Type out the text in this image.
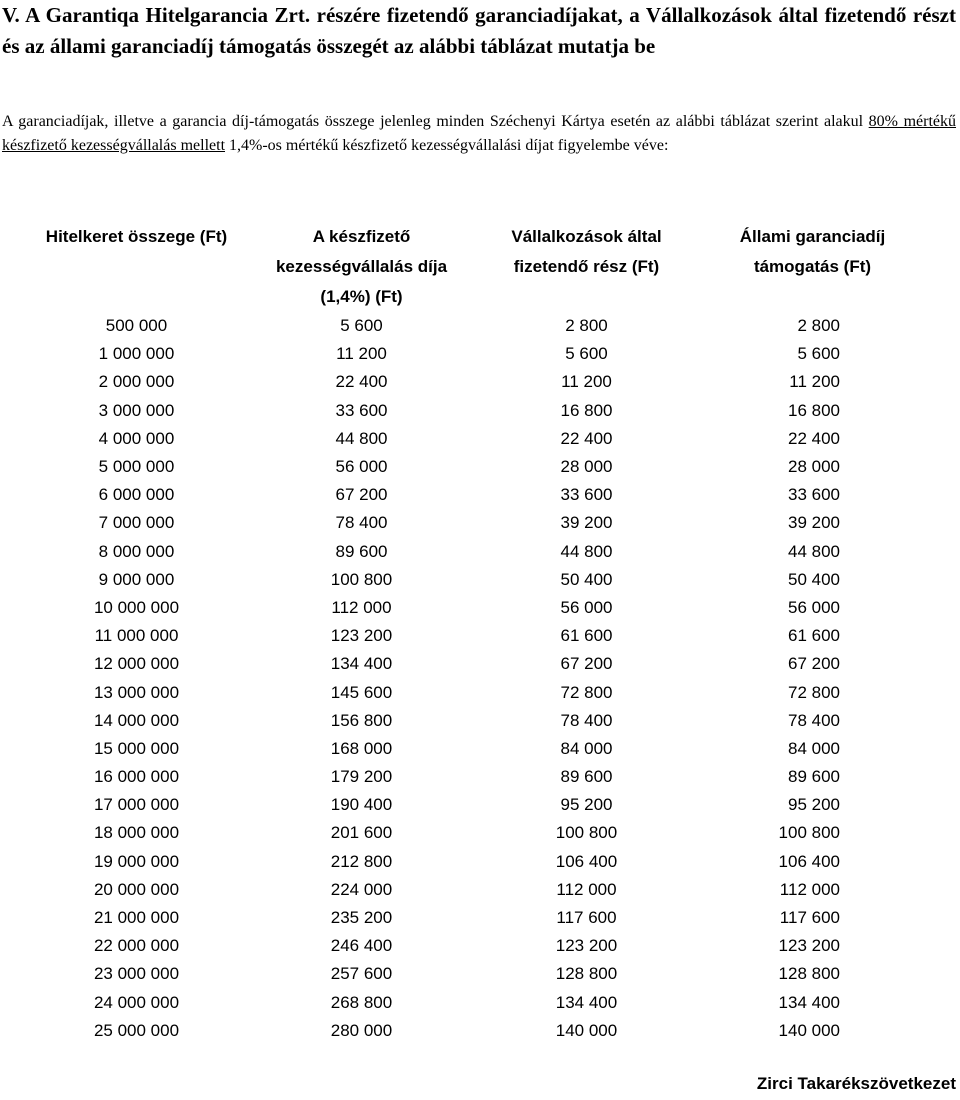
V. A Garantiqa Hitelgarancia Zrt. részére fizetendő garanciadíjakat, a Vállalkozások által fizetendő részt és az állami garanciadíj támogatás összegét az alábbi táblázat mutatja be

A garanciadíjak, illetve a garancia díj-támogatás összege jelenleg minden Széchenyi Kártya esetén az alábbi táblázat szerint alakul 80% mértékű készfizető kezességvállalás mellett 1,4%-os mértékű készfizető kezességvállalási díjat figyelembe véve:

Hitelkeret összege (Ft)	A készfizető kezességvállalás díja (1,4%) (Ft)	Vállalkozások által fizetendő rész (Ft)	Állami garanciadíj támogatás (Ft)
500 000	5 600	2 800	2 800
1 000 000	11 200	5 600	5 600
2 000 000	22 400	11 200	11 200
3 000 000	33 600	16 800	16 800
4 000 000	44 800	22 400	22 400
5 000 000	56 000	28 000	28 000
6 000 000	67 200	33 600	33 600
7 000 000	78 400	39 200	39 200
8 000 000	89 600	44 800	44 800
9 000 000	100 800	50 400	50 400
10 000 000	112 000	56 000	56 000
11 000 000	123 200	61 600	61 600
12 000 000	134 400	67 200	67 200
13 000 000	145 600	72 800	72 800
14 000 000	156 800	78 400	78 400
15 000 000	168 000	84 000	84 000
16 000 000	179 200	89 600	89 600
17 000 000	190 400	95 200	95 200
18 000 000	201 600	100 800	100 800
19 000 000	212 800	106 400	106 400
20 000 000	224 000	112 000	112 000
21 000 000	235 200	117 600	117 600
22 000 000	246 400	123 200	123 200
23 000 000	257 600	128 800	128 800
24 000 000	268 800	134 400	134 400
25 000 000	280 000	140 000	140 000
Zirci Takarékszövetkezet
